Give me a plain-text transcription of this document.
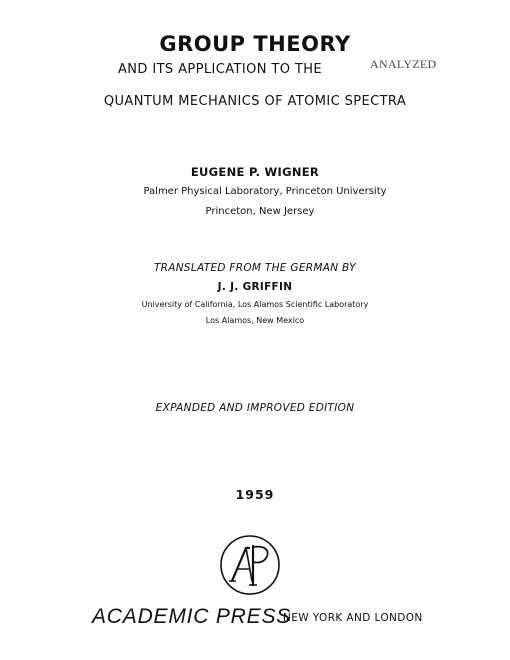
GROUP THEORY
AND ITS APPLICATION TO THE	ANALYZED
QUANTUM MECHANICS OF ATOMIC SPECTRA
EUGENE P. WIGNER
Palmer Physical Laboratory, Princeton University
Princeton, New Jersey
TRANSLATED FROM THE GERMAN BY
J. J. GRIFFIN
University of California, Los Alamos Scientific Laboratory
Los Alamos, New Mexico
EXPANDED AND IMPROVED EDITION
1959
ACADEMIC PRESS
NEW YORK AND LONDON
